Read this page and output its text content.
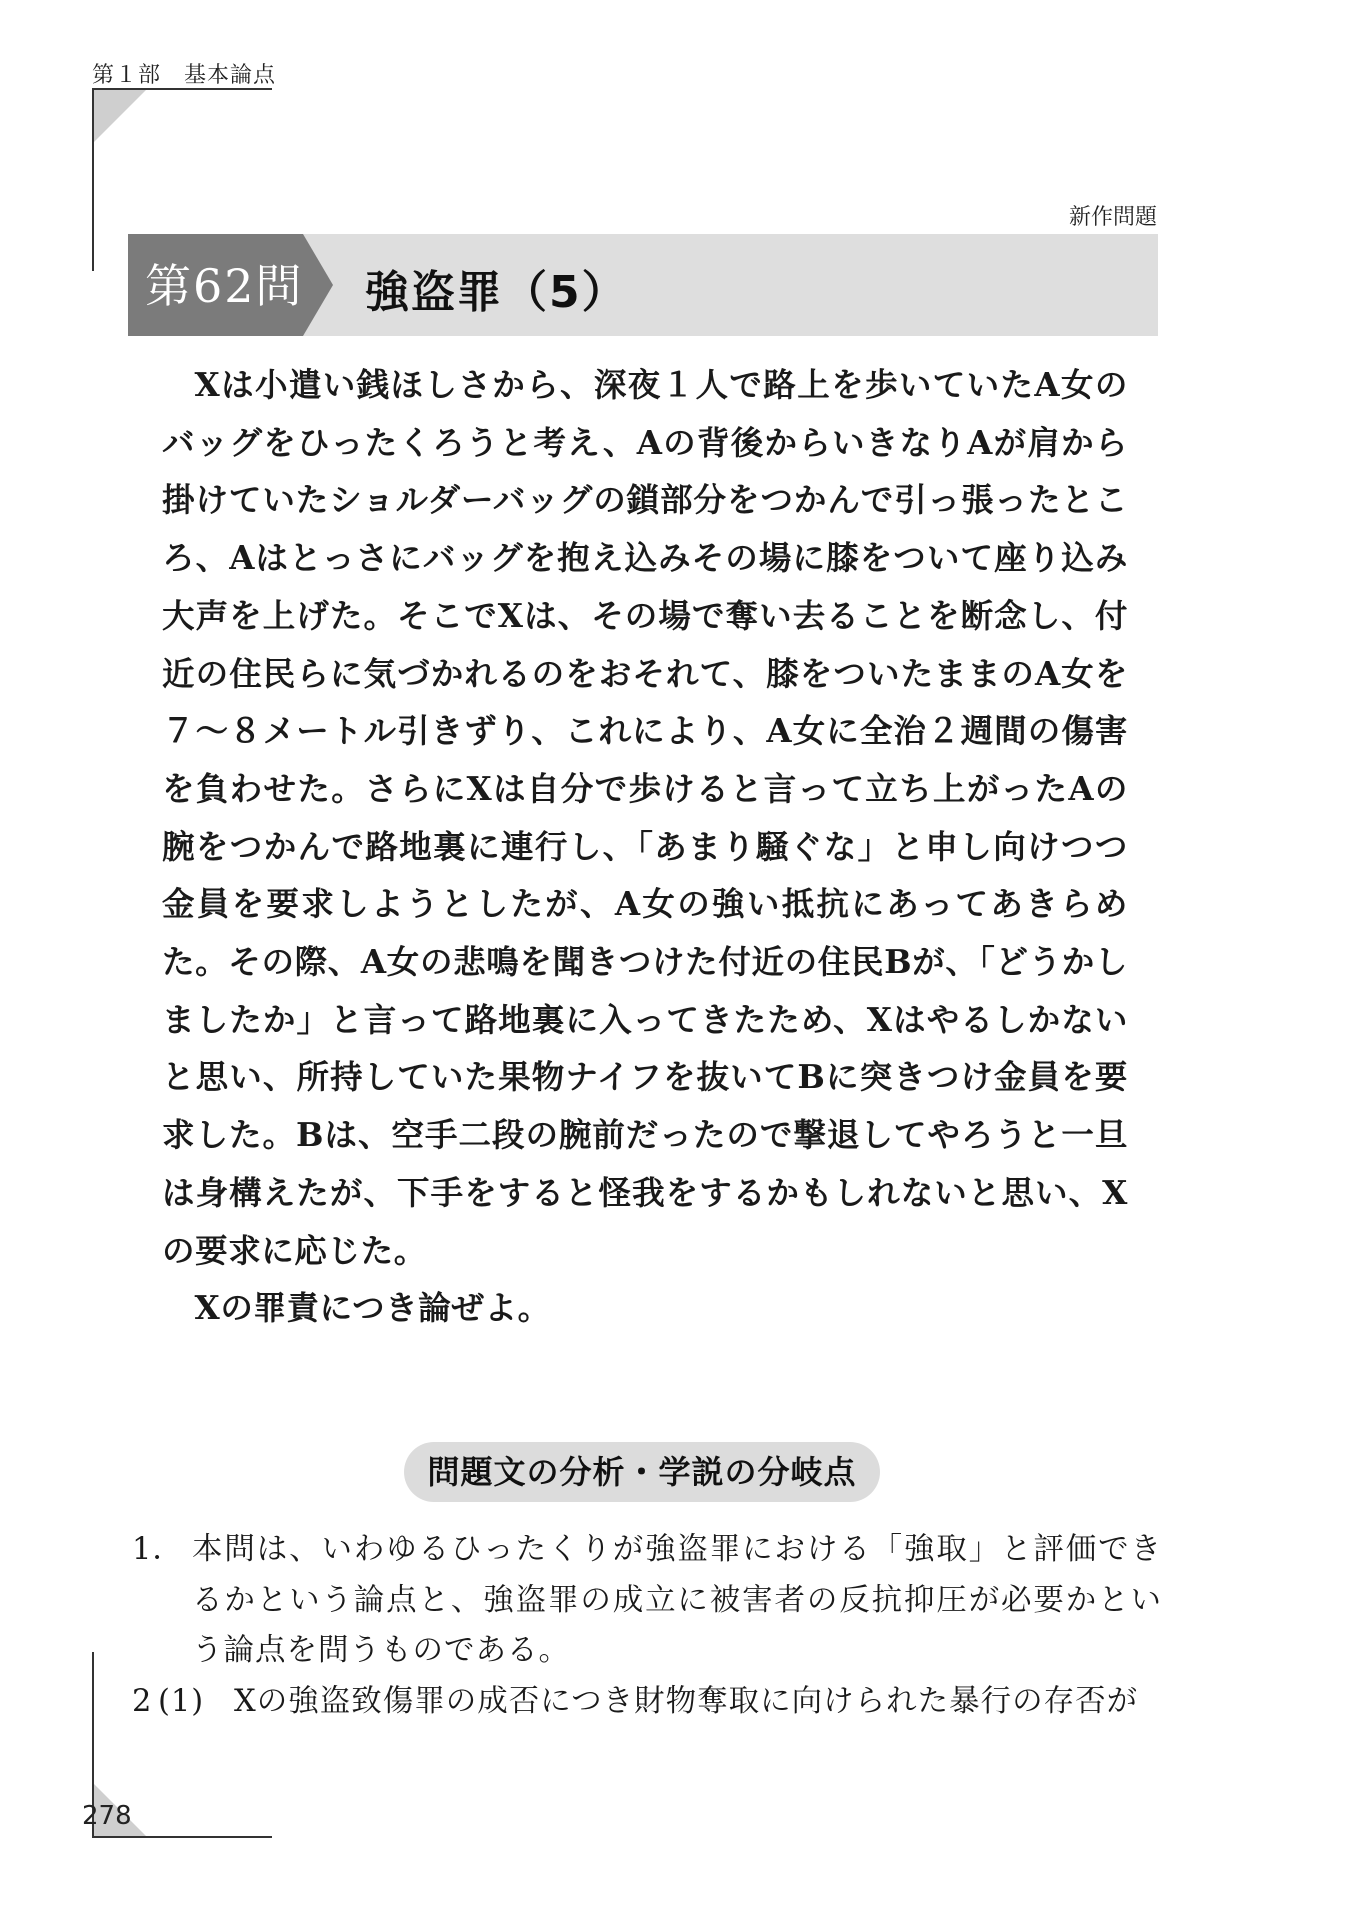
第１部　基本論点
新作問題
第62問 強盗罪（5）

Xは小遣い銭ほしさから、深夜１人で路上を歩いていたA女のバッグをひったくろうと考え、Aの背後からいきなりAが肩から掛けていたショルダーバッグの鎖部分をつかんで引っ張ったところ、Aはとっさにバッグを抱え込みその場に膝をついて座り込み大声を上げた。そこでXは、その場で奪い去ることを断念し、付近の住民らに気づかれるのをおそれて、膝をついたままのA女を７～８メートル引きずり、これにより、A女に全治２週間の傷害を負わせた。さらにXは自分で歩けると言って立ち上がったAの腕をつかんで路地裏に連行し、「あまり騒ぐな」と申し向けつつ金員を要求しようとしたが、A女の強い抵抗にあってあきらめた。その際、A女の悲鳴を聞きつけた付近の住民Bが、「どうかしましたか」と言って路地裏に入ってきたため、Xはやるしかないと思い、所持していた果物ナイフを抜いてBに突きつけ金員を要求した。Bは、空手二段の腕前だったので撃退してやろうと一旦は身構えたが、下手をすると怪我をするかもしれないと思い、Xの要求に応じた。

Xの罪責につき論ぜよ。

問題文の分析・学説の分岐点
1． 本問は、いわゆるひったくりが強盗罪における「強取」と評価できるかという論点と、強盗罪の成立に被害者の反抗抑圧が必要かという論点を問うものである。
2 (1) Xの強盗致傷罪の成否につき財物奪取に向けられた暴行の存否が
278
